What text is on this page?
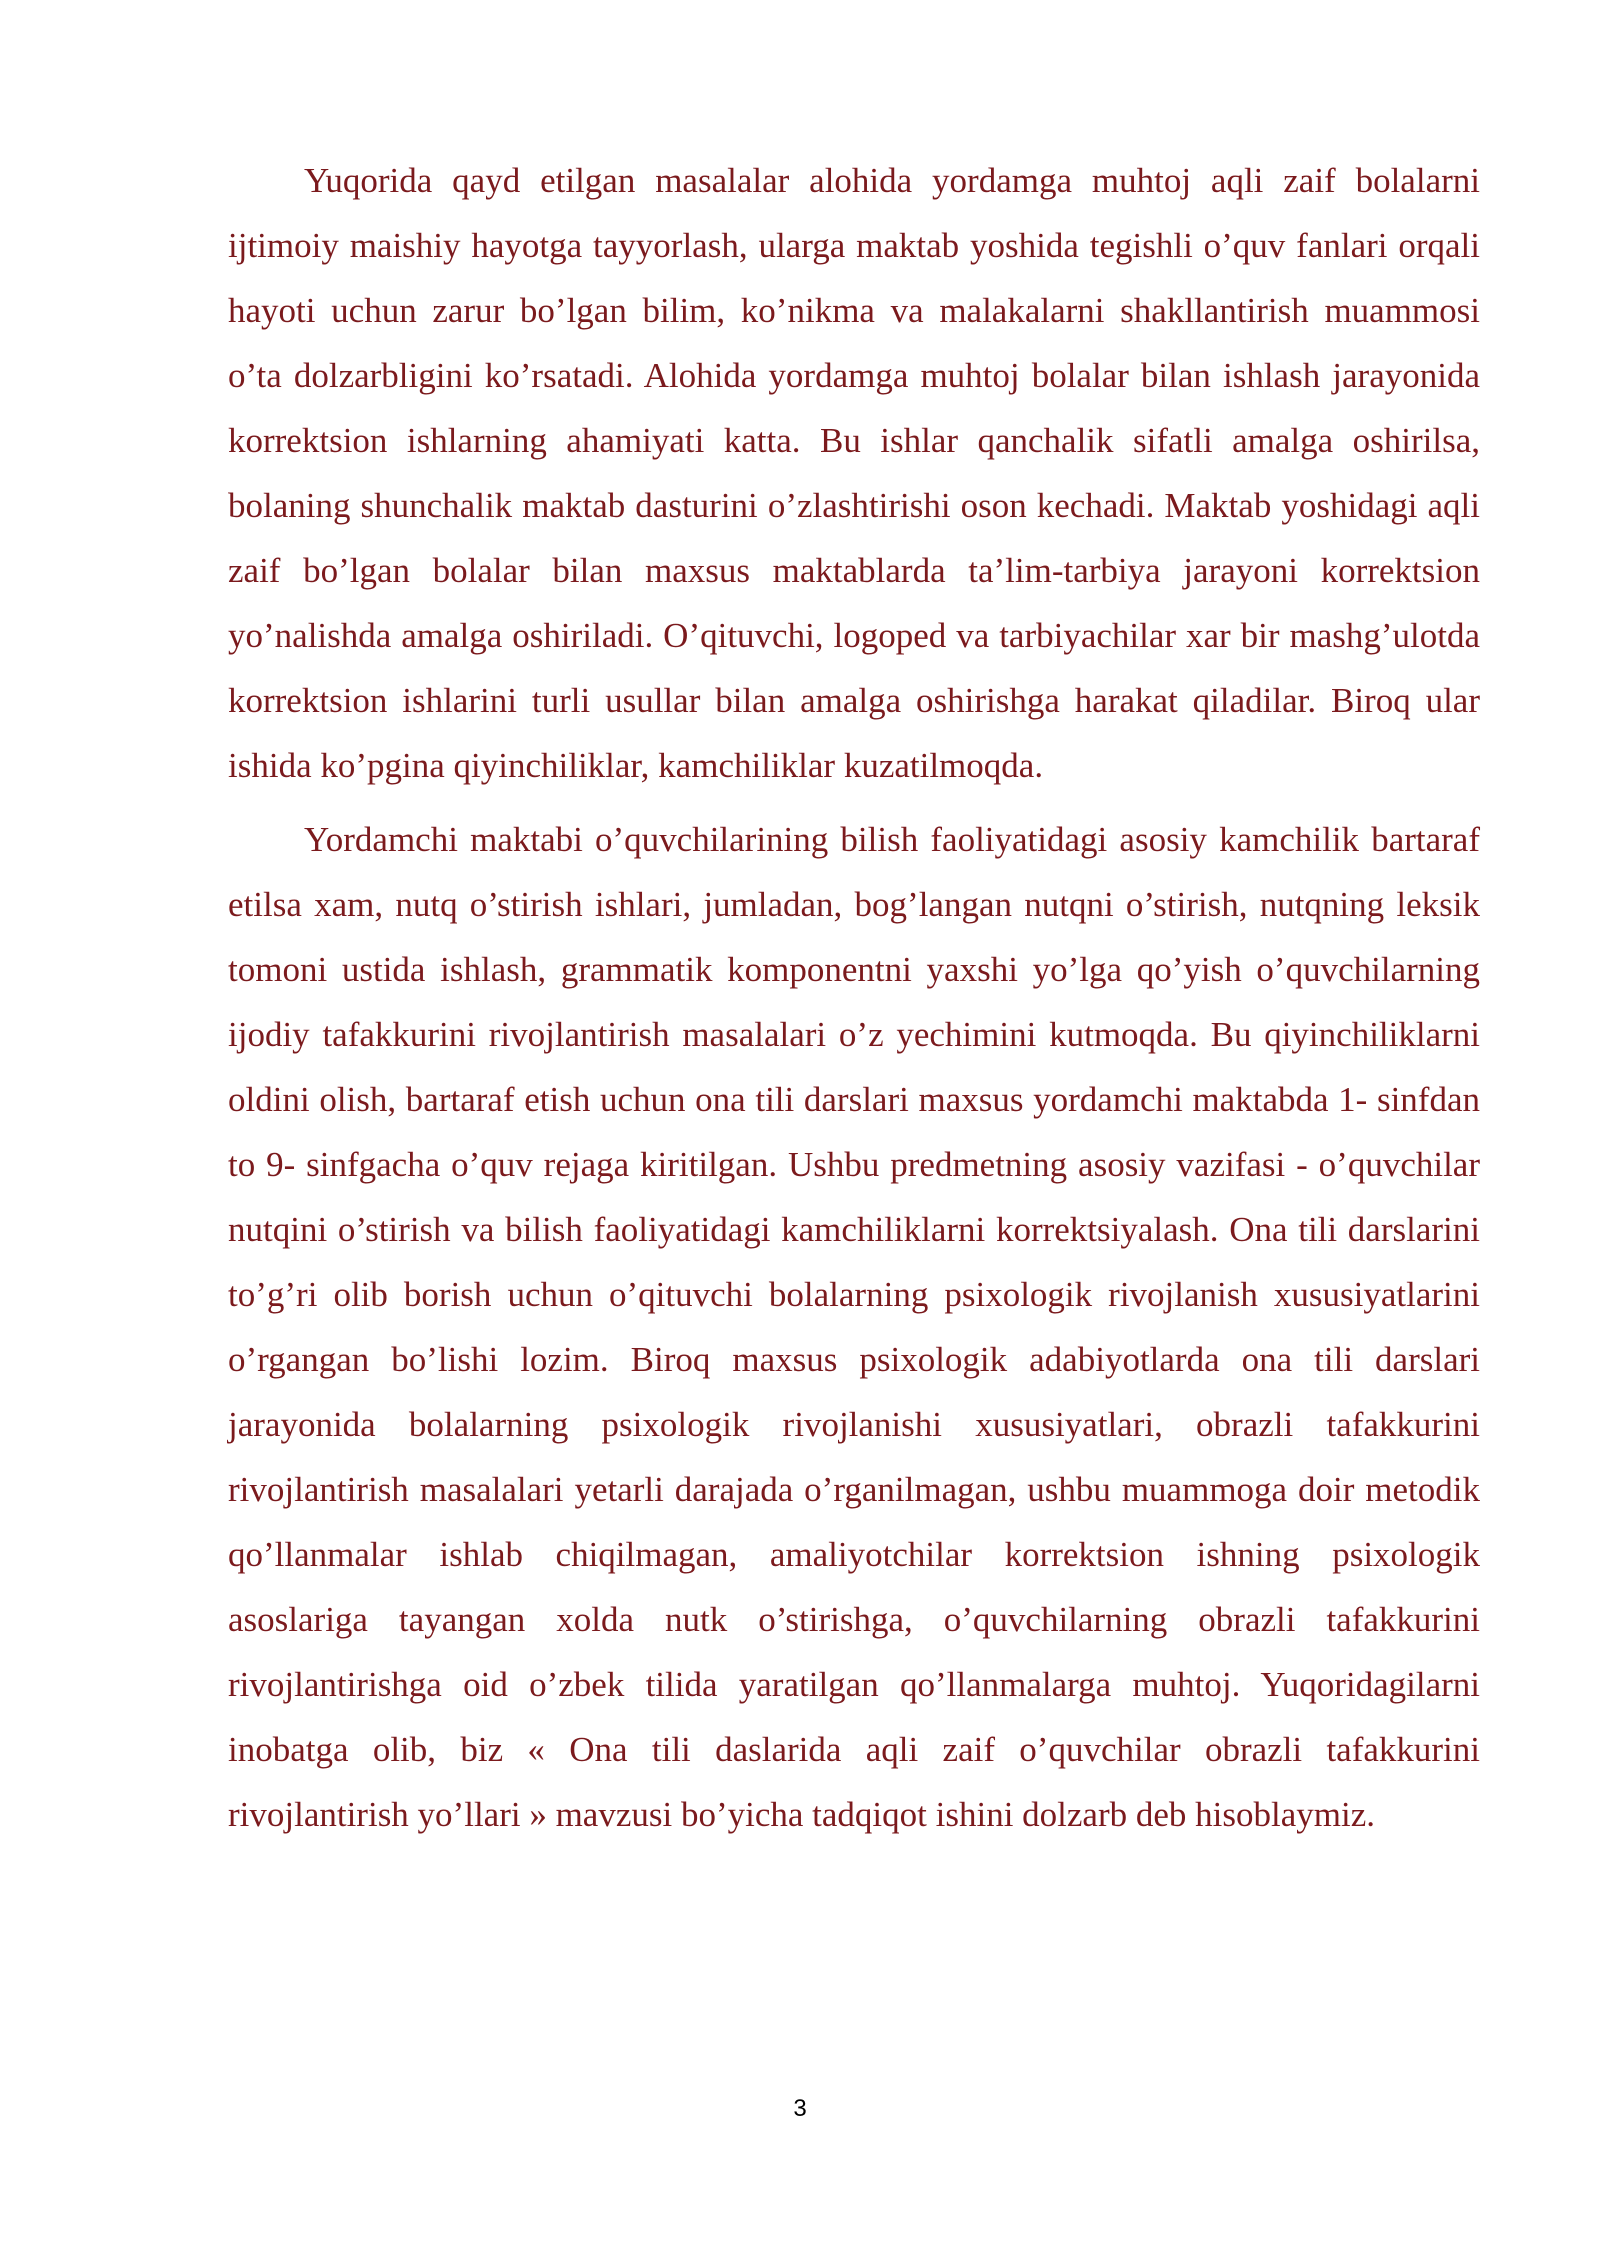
Yuqorida qayd etilgan masalalar alohida yordamga muhtoj aqli zaif bolalarni ijtimoiy maishiy hayotga tayyorlash, ularga maktab yoshida tegishli o’quv fanlari orqali hayoti uchun zarur bo’lgan bilim, ko’nikma va malakalarni shakllantirish muammosi o’ta dolzarbligini ko’rsatadi. Alohida yordamga muhtoj bolalar bilan ishlash jarayonida korrektsion ishlarning ahamiyati katta. Bu ishlar qanchalik sifatli amalga oshirilsa, bolaning shunchalik maktab dasturini o’zlashtirishi oson kechadi. Maktab yoshidagi aqli zaif bo’lgan bolalar bilan maxsus maktablarda ta’lim-tarbiya jarayoni korrektsion yo’nalishda amalga oshiriladi. O’qituvchi, logoped va tarbiyachilar xar bir mashg’ulotda korrektsion ishlarini turli usullar bilan amalga oshirishga harakat qiladilar. Biroq ular ishida ko’pgina qiyinchiliklar, kamchiliklar kuzatilmoqda.

Yordamchi maktabi o’quvchilarining bilish faoliyatidagi asosiy kamchilik bartaraf etilsa xam, nutq o’stirish ishlari, jumladan, bog’langan nutqni o’stirish, nutqning leksik tomoni ustida ishlash, grammatik komponentni yaxshi yo’lga qo’yish o’quvchilarning ijodiy tafakkurini rivojlantirish masalalari o’z yechimini kutmoqda. Bu qiyinchiliklarni oldini olish, bartaraf etish uchun ona tili darslari maxsus yordamchi maktabda 1- sinfdan to 9- sinfgacha o’quv rejaga kiritilgan. Ushbu predmetning asosiy vazifasi - o’quvchilar nutqini o’stirish va bilish faoliyatidagi kamchiliklarni korrektsiyalash. Ona tili darslarini to’g’ri olib borish uchun o’qituvchi bolalarning psixologik rivojlanish xususiyatlarini o’rgangan bo’lishi lozim. Biroq maxsus psixologik adabiyotlarda ona tili darslari jarayonida bolalarning psixologik rivojlanishi xususiyatlari, obrazli tafakkurini rivojlantirish masalalari yetarli darajada o’rganilmagan, ushbu muammoga doir metodik qo’llanmalar ishlab chiqilmagan, amaliyotchilar korrektsion ishning psixologik asoslariga tayangan xolda nutk o’stirishga, o’quvchilarning obrazli tafakkurini rivojlantirishga oid o’zbek tilida yaratilgan qo’llanmalarga muhtoj. Yuqoridagilarni inobatga olib, biz « Ona tili daslarida aqli zaif o’quvchilar obrazli tafakkurini rivojlantirish yo’llari » mavzusi bo’yicha tadqiqot ishini dolzarb deb hisoblaymiz.

3
